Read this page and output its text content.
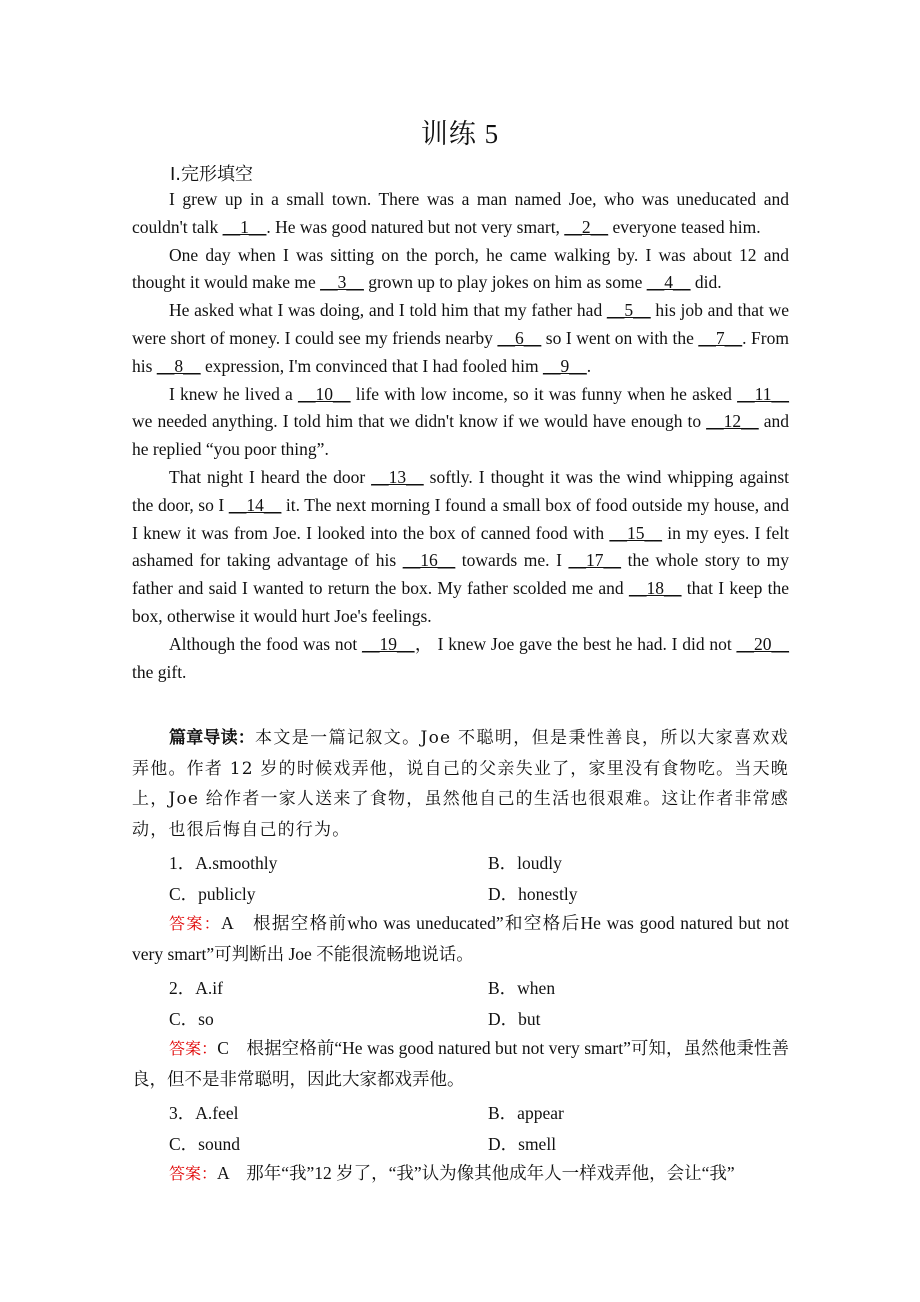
训练 5
Ⅰ.完形填空

I grew up in a small town. There was a man named Joe, who was uneducated and couldn't talk __1__. He was good natured but not very smart, __2__ everyone teased him.

One day when I was sitting on the porch, he came walking by. I was about 12 and thought it would make me __3__ grown up to play jokes on him as some __4__ did.

He asked what I was doing, and I told him that my father had __5__ his job and that we were short of money. I could see my friends nearby __6__ so I went on with the __7__. From his __8__ expression, I'm convinced that I had fooled him __9__.

I knew he lived a __10__ life with low income, so it was funny when he asked __11__ we needed anything. I told him that we didn't know if we would have enough to __12__ and he replied “you poor thing”.

That night I heard the door __13__ softly. I thought it was the wind whipping against the door, so I __14__ it. The next morning I found a small box of food outside my house, and I knew it was from Joe. I looked into the box of canned food with __15__ in my eyes. I felt ashamed for taking advantage of his __16__ towards me. I __17__ the whole story to my father and said I wanted to return the box. My father scolded me and __18__ that I keep the box, otherwise it would hurt Joe's feelings.

Although the food was not __19__， I knew Joe gave the best he had. I did not __20__ the gift.

篇章导读：本文是一篇记叙文。Joe 不聪明，但是秉性善良，所以大家喜欢戏弄他。作者 12 岁的时候戏弄他，说自己的父亲失业了，家里没有食物吃。当天晚上，Joe 给作者一家人送来了食物，虽然他自己的生活也很艰难。这让作者非常感动，也很后悔自己的行为。
1．A.smoothly	B．loudly
C．publicly	D．honestly
答案：A　根据空格前who was uneducated”和空格后He was good natured but not very smart”可判断出 Joe 不能很流畅地说话。
2．A.if	B．when
C．so	D．but
答案：C　根据空格前“He was good natured but not very smart”可知，虽然他秉性善良，但不是非常聪明，因此大家都戏弄他。
3．A.feel	B．appear
C．sound	D．smell
答案：A　那年“我”12 岁了，“我”认为像其他成年人一样戏弄他，会让“我”
